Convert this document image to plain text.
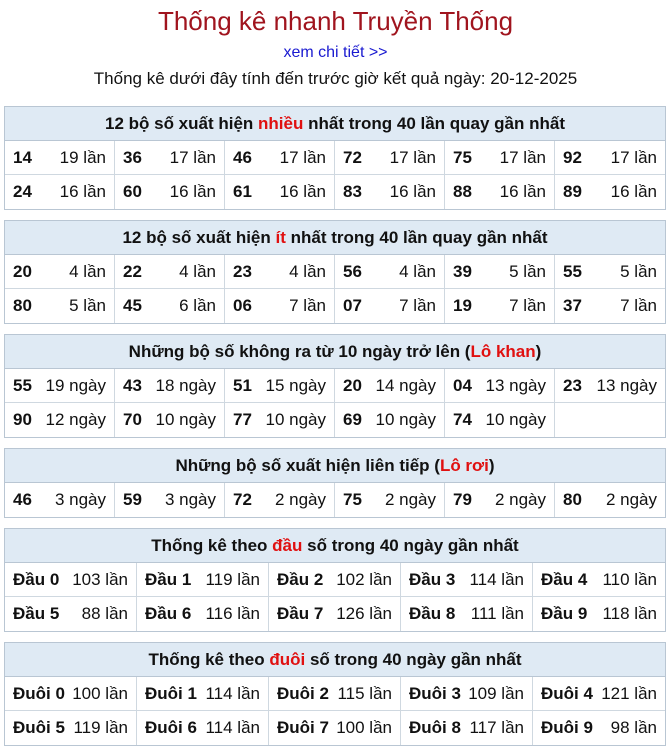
Thống kê nhanh Truyền Thống
xem chi tiết >>
Thống kê dưới đây tính đến trước giờ kết quả ngày: 20-12-2025
12 bộ số xuất hiện nhiều nhất trong 40 lần quay gần nhất
14 19 lần 36 17 lần 46 17 lần 72 17 lần 75 17 lần 92 17 lần
24 16 lần 60 16 lần 61 16 lần 83 16 lần 88 16 lần 89 16 lần
12 bộ số xuất hiện ít nhất trong 40 lần quay gần nhất
20 4 lần 22 4 lần 23 4 lần 56 4 lần 39 5 lần 55 5 lần
80 5 lần 45 6 lần 06 7 lần 07 7 lần 19 7 lần 37 7 lần
Những bộ số không ra từ 10 ngày trở lên (Lô khan)
55 19 ngày 43 18 ngày 51 15 ngày 20 14 ngày 04 13 ngày 23 13 ngày
90 12 ngày 70 10 ngày 77 10 ngày 69 10 ngày 74 10 ngày
Những bộ số xuất hiện liên tiếp (Lô rơi)
46 3 ngày 59 3 ngày 72 2 ngày 75 2 ngày 79 2 ngày 80 2 ngày
Thống kê theo đầu số trong 40 ngày gần nhất
Đầu 0 103 lần Đầu 1 119 lần Đầu 2 102 lần Đầu 3 114 lần Đầu 4 110 lần
Đầu 5 88 lần Đầu 6 116 lần Đầu 7 126 lần Đầu 8 111 lần Đầu 9 118 lần
Thống kê theo đuôi số trong 40 ngày gần nhất
Đuôi 0 100 lần Đuôi 1 114 lần Đuôi 2 115 lần Đuôi 3 109 lần Đuôi 4 121 lần
Đuôi 5 119 lần Đuôi 6 114 lần Đuôi 7 100 lần Đuôi 8 117 lần Đuôi 9 98 lần
